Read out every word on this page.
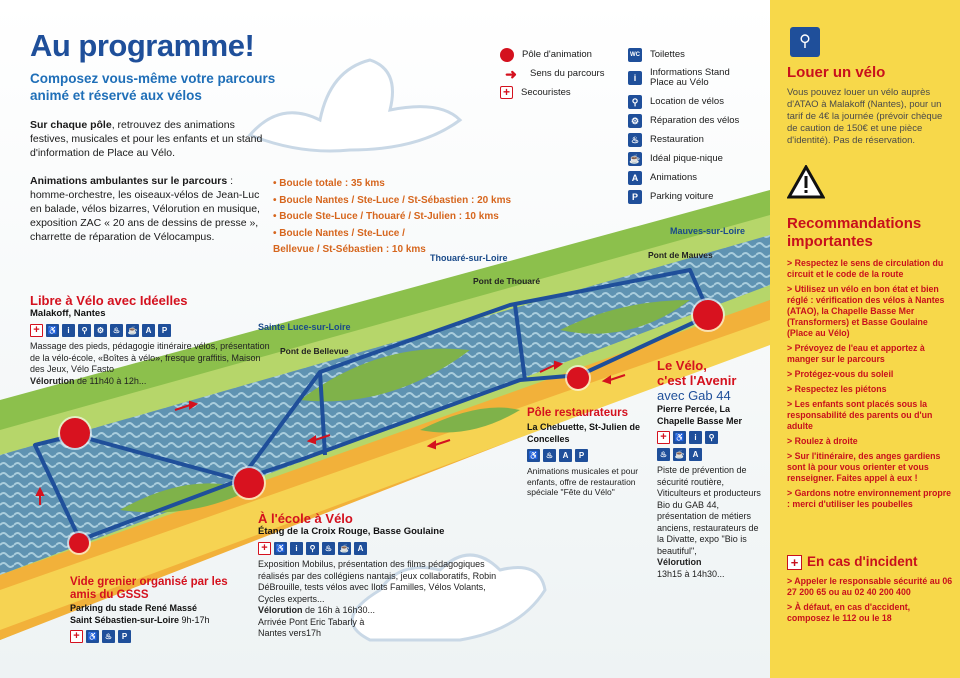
Au programme!
Composez vous-même votre parcours animé et réservé aux vélos
Sur chaque pôle, retrouvez des animations festives, musicales et pour les enfants et un stand d'information de Place au Vélo.
Animations ambulantes sur le parcours : homme-orchestre, les oiseaux-vélos de Jean-Luc en balade, vélos bizarres, Vélorution en musique, exposition ZAC « 20 ans de dessins de presse », charrette de réparation de Vélocampus.
• Boucle totale : 35 kms
• Boucle Nantes / Ste-Luce / St-Sébastien : 20 kms
• Boucle Ste-Luce / Thouaré / St-Julien : 10 kms
• Boucle Nantes / Ste-Luce / Bellevue / St-Sébastien : 10 kms
Pôle d'animation
➜	Sens du parcours
+	Secouristes
WC Toilettes
i	Informations Stand Place au Vélo
⚲	Location de vélos
⚙	Réparation des vélos
♨	Restauration
☕ Idéal pique-nique
A	Animations
P	Parking voiture
Mauves-sur-Loire
Thouaré-sur-Loire
Sainte Luce-sur-Loire
Pont de Mauves
Pont de Thouaré
Pont de Bellevue
Libre à Vélo avec Idéelles
Malakoff, Nantes
+ ♿	i	⚲	⚙	♨ ☕	A	P
Massage des pieds, pédagogie itinéraire vélos, présentation de la vélo-école, «Boîtes à vélo», fresque graffitis, Maison des Jeux, Vélo Fasto
Vélorution de 11h40 à 12h...
À l'école à Vélo
Étang de la Croix Rouge, Basse Goulaine
+ ♿	i	⚲	♨ ☕	A
Exposition Mobilus, présentation des films pédagogiques réalisés par des collégiens nantais, jeux collaboratifs, Robin DéBrouille, tests vélos avec Ilots Familles, Vélos Volants, Cycles experts...
Vélorution de 16h à 16h30...
Arrivée Pont Eric Tabarly à Nantes vers17h
Vide grenier organisé par les amis du GSSS
Parking du stade René Massé
Saint Sébastien-sur-Loire 9h-17h
+ ♿ ♨	P
Pôle restaurateurs
La Chebuette, St-Julien de Concelles
♿ ♨	A	P
Animations musicales et pour enfants, offre de restauration spéciale "Fête du Vélo"
Le Vélo,
c'est l'Avenir
avec Gab 44
Pierre Percée, La Chapelle Basse Mer
+ ♿	i	⚲
♨ ☕	A
Piste de prévention de sécurité routière, Viticulteurs et producteurs Bio du GAB 44, présentation de métiers anciens, restaurateurs de la Divatte, expo "Bio is beautiful",
Vélorution
13h15 à 14h30...
⚲
Louer un vélo
Vous pouvez louer un vélo auprès d'ATAO à Malakoff (Nantes), pour un tarif de 4€ la journée (prévoir chèque de caution de 150€ et une pièce d'identité). Pas de réservation.
Recommandations importantes
> Respectez le sens de circulation du circuit et le code de la route
> Utilisez un vélo en bon état et bien réglé : vérification des vélos à Nantes (ATAO), la Chapelle Basse Mer (Transformers) et Basse Goulaine (Place au Vélo)
> Prévoyez de l'eau et apportez à manger sur le parcours
> Protégez-vous du soleil
> Respectez les piétons
> Les enfants sont placés sous la responsabilité des parents ou d'un adulte
> Roulez à droite
> Sur l'itinéraire, des anges gardiens sont là pour vous orienter et vous renseigner. Faites appel à eux !
> Gardons notre environnement propre : merci d'utiliser les poubelles
+ En cas d'incident
> Appeler le responsable sécurité au 06 27 200 65 ou au 02 40 200 400
> À défaut, en cas d'accident, composez le 112 ou le 18
